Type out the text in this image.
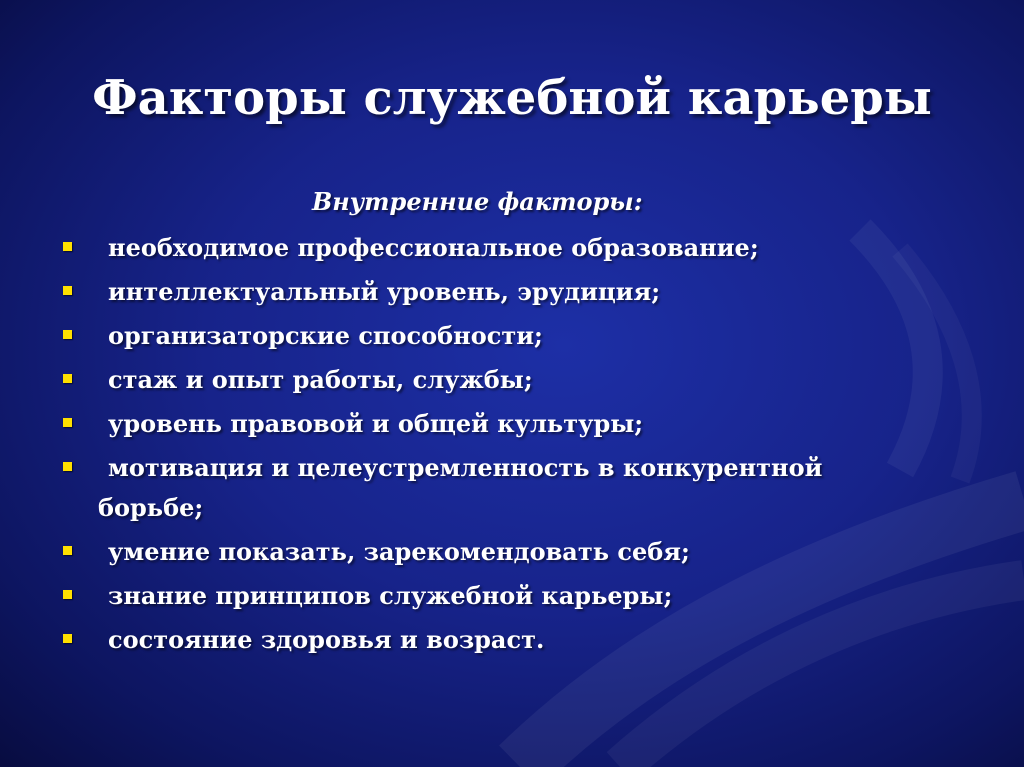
Факторы служебной карьеры
Внутренние факторы:
необходимое профессиональное образование;
интеллектуальный уровень, эрудиция;
организаторские способности;
стаж и опыт работы, службы;
уровень правовой и общей культуры;
мотивация и целеустремленность в конкурентной
борьбе;
умение показать, зарекомендовать себя;
знание принципов служебной карьеры;
состояние здоровья и возраст.
